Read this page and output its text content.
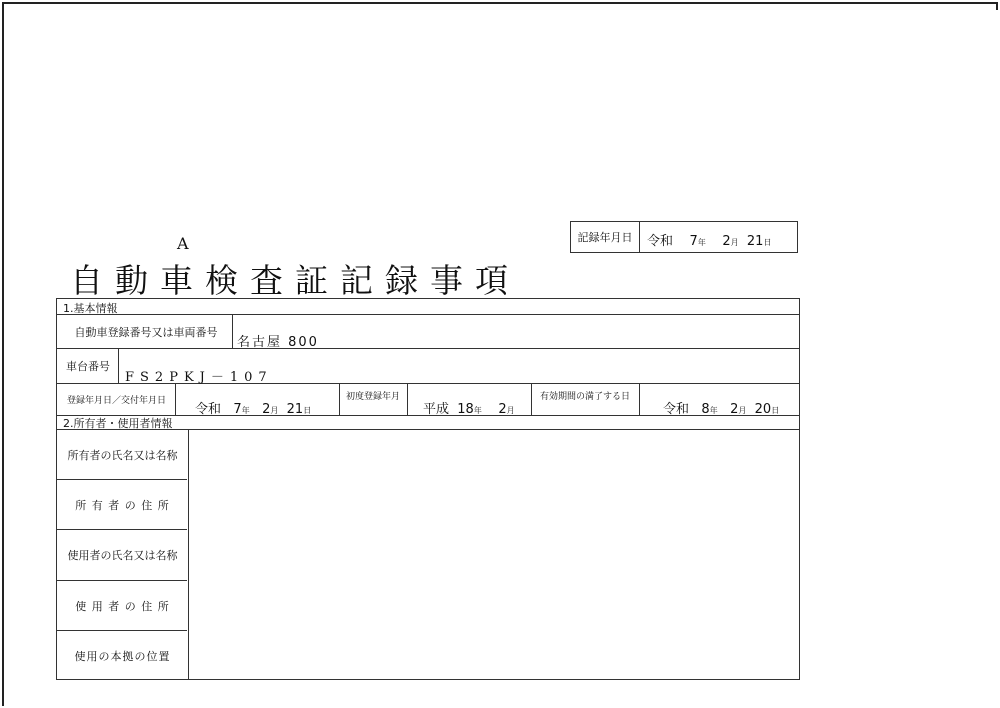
記録年月日	令和 7年 2月 21日
A
自動車検査証記録事項
1.基本情報
自動車登録番号又は車両番号
名古屋 800
車台番号
FS2PKJ－107
登録年月日／交付年月日
令和 7年 2月 21日
初度登録年月
平成 18年 2月
有効期間の満了する日
令和 8年 2月 20日
2.所有者・使用者情報
所有者の氏名又は名称
所 有 者 の 住 所
使用者の氏名又は名称
使 用 者 の 住 所
使用の本拠の位置
